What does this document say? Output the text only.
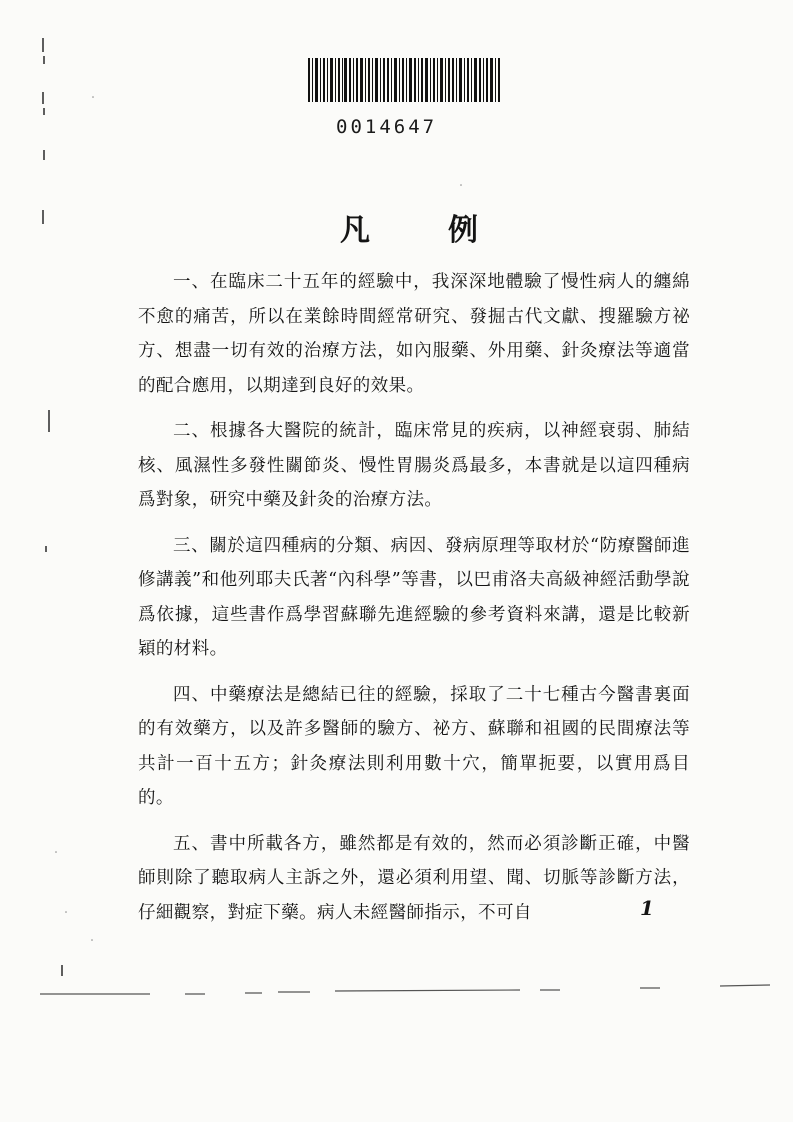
0014647
凡	例

一、在臨床二十五年的經驗中，我深深地體驗了慢性病人的纏綿不愈的痛苦，所以在業餘時間經常研究、發掘古代文獻、搜羅驗方祕方、想盡一切有效的治療方法，如內服藥、外用藥、針灸療法等適當的配合應用，以期達到良好的效果。

二、根據各大醫院的統計，臨床常見的疾病，以神經衰弱、肺結核、風濕性多發性關節炎、慢性胃腸炎爲最多，本書就是以這四種病爲對象，研究中藥及針灸的治療方法。

三、關於這四種病的分類、病因、發病原理等取材於“防療醫師進修講義”和他列耶夫氏著“內科學”等書，以巴甫洛夫高級神經活動學說爲依據，這些書作爲學習蘇聯先進經驗的參考資料來講，還是比較新穎的材料。

四、中藥療法是總結已往的經驗，採取了二十七種古今醫書裏面的有效藥方，以及許多醫師的驗方、祕方、蘇聯和祖國的民間療法等共計一百十五方；針灸療法則利用數十穴，簡單扼要，以實用爲目的。

五、書中所載各方，雖然都是有效的，然而必須診斷正確，中醫師則除了聽取病人主訴之外，還必須利用望、聞、切脈等診斷方法，仔細觀察，對症下藥。病人未經醫師指示，不可自	1
